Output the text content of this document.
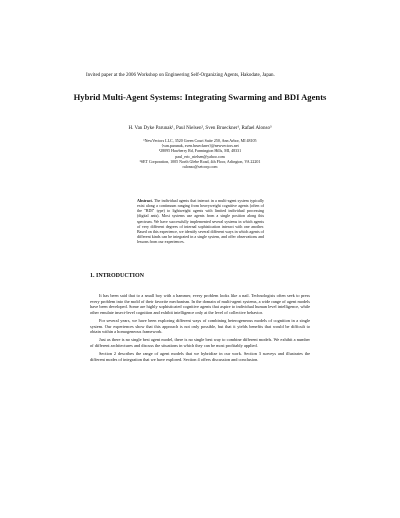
Invited paper at the 2006 Workshop on Engineering Self-Organizing Agents, Hakodate, Japan.
Hybrid Multi-Agent Systems: Integrating Swarming and BDI Agents
H. Van Dyke Parunak¹, Paul Nielsen², Sven Brueckner¹, Rafael Alonso³
¹NewVectors LLC, 3520 Green Court Suite 250, Ann Arbor, MI 48105
{van.parunak, sven.brueckner}@newvectors.net
²28095 Hawberry Rd, Farmington Hills, MI, 48331
paul_eric_nielsen@yahoo.com
³SET Corporation, 1005 North Glebe Road, 4th Floor, Arlington, VA 22201
ralonso@setcorp.com
Abstract. The individual agents that interact in a multi-agent system typically exist along a continuum ranging from heavyweight cognitive agents (often of the "BDI" type) to lightweight agents with limited individual processing (digital ants). Most systems use agents from a single position along this spectrum. We have successfully implemented several systems in which agents of very different degrees of internal sophistication interact with one another. Based on this experience, we identify several different ways in which agents of different kinds can be integrated in a single system, and offer observations and lessons from our experiences.
1. INTRODUCTION

It has been said that to a small boy with a hammer, every problem looks like a nail. Technologists often seek to press every problem into the mold of their favorite mechanism. In the domain of multi-agent systems, a wide range of agent models have been developed. Some are highly sophisticated cognitive agents that aspire to individual human level intelligence, while other emulate insect-level cognition and exhibit intelligence only at the level of collective behavior.

For several years, we have been exploring different ways of combining heterogeneous models of cognition in a single system. Our experiences show that this approach is not only possible, but that it yields benefits that would be difficult to obtain within a homogeneous framework.

Just as there is no single best agent model, there is no single best way to combine different models. We exhibit a number of different architectures and discuss the situations in which they can be most profitably applied.

Section 2 describes the range of agent models that we hybridize in our work. Section 3 surveys and illustrates the different modes of integration that we have explored. Section 4 offers discussion and conclusion.
